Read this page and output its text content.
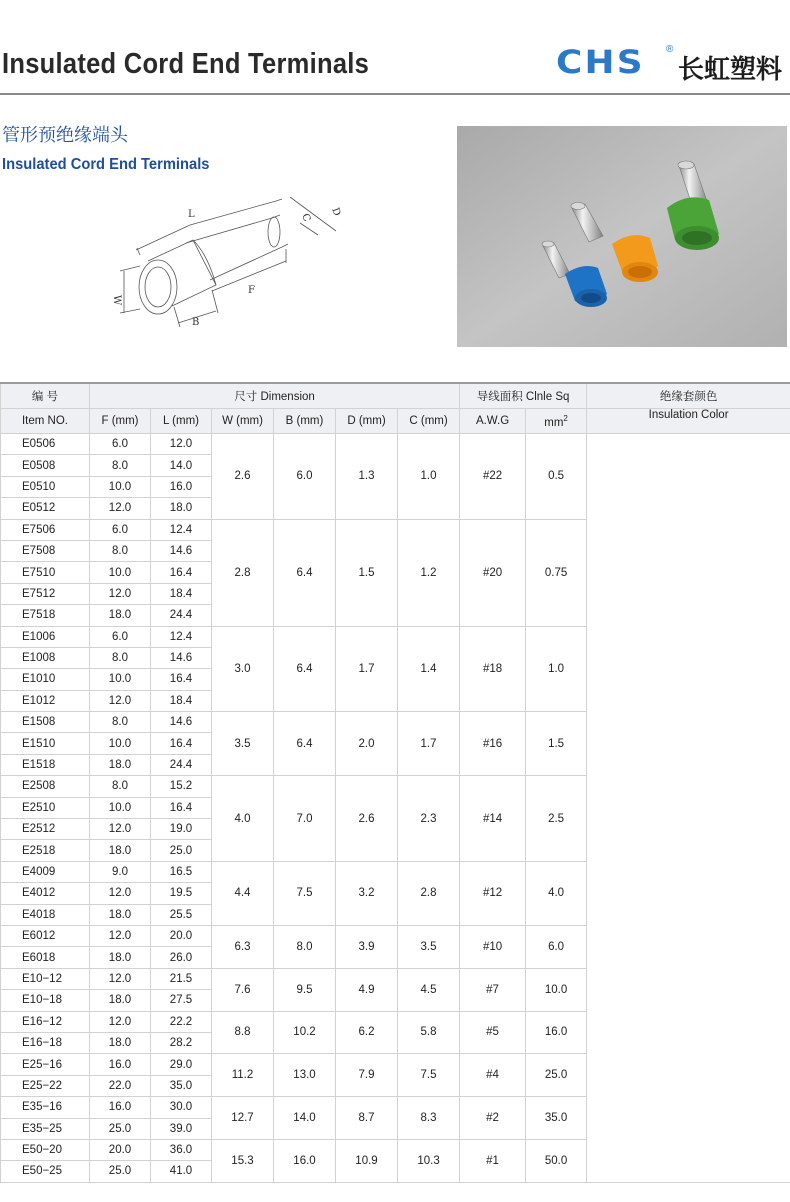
Insulated Cord End Terminals	CHS ®
长虹塑料
管形预绝缘端头
Insulated Cord End Terminals
L	D
C
W
F
B
编 号	尺寸 Dimension						导线面积 Clnle Sq		绝缘套颜色
Item NO.	F (mm)	L (mm)	W (mm)	B (mm)	D (mm)	C (mm)	A.W.G	$mm^2$	Insulation Color
E0506	6.0	12.0	2.6	6.0	1.3	1.0	#22	0.5	
E0508	8.0	14.0							
E0510	10.0	16.0							
E0512	12.0	18.0							
E7506	6.0	12.4	2.8	6.4	1.5	1.2	#20	0.75	
E7508	8.0	14.6							
E7510	10.0	16.4							
E7512	12.0	18.4							
E7518	18.0	24.4							
E1006	6.0	12.4	3.0	6.4	1.7	1.4	#18	1.0	
E1008	8.0	14.6							
E1010	10.0	16.4							
E1012	12.0	18.4							
E1508	8.0	14.6	3.5	6.4	2.0	1.7	#16	1.5	
E1510	10.0	16.4							
E1518	18.0	24.4							
E2508	8.0	15.2	4.0	7.0	2.6	2.3	#14	2.5	
E2510	10.0	16.4							
E2512	12.0	19.0							
E2518	18.0	25.0							
E4009	9.0	16.5	4.4	7.5	3.2	2.8	#12	4.0	
E4012	12.0	19.5							
E4018	18.0	25.5							
E6012	12.0	20.0	6.3	8.0	3.9	3.5	#10	6.0	
E6018	18.0	26.0							
E10−12	12.0	21.5	7.6	9.5	4.9	4.5	#7	10.0	
E10−18	18.0	27.5							
E16−12	12.0	22.2	8.8	10.2	6.2	5.8	#5	16.0	
E16−18	18.0	28.2							
E25−16	16.0	29.0	11.2	13.0	7.9	7.5	#4	25.0	
E25−22	22.0	35.0							
E35−16	16.0	30.0	12.7	14.0	8.7	8.3	#2	35.0	
E35−25	25.0	39.0							
E50−20	20.0	36.0	15.3	16.0	10.9	10.3	#1	50.0	
E50−25	25.0	41.0							
